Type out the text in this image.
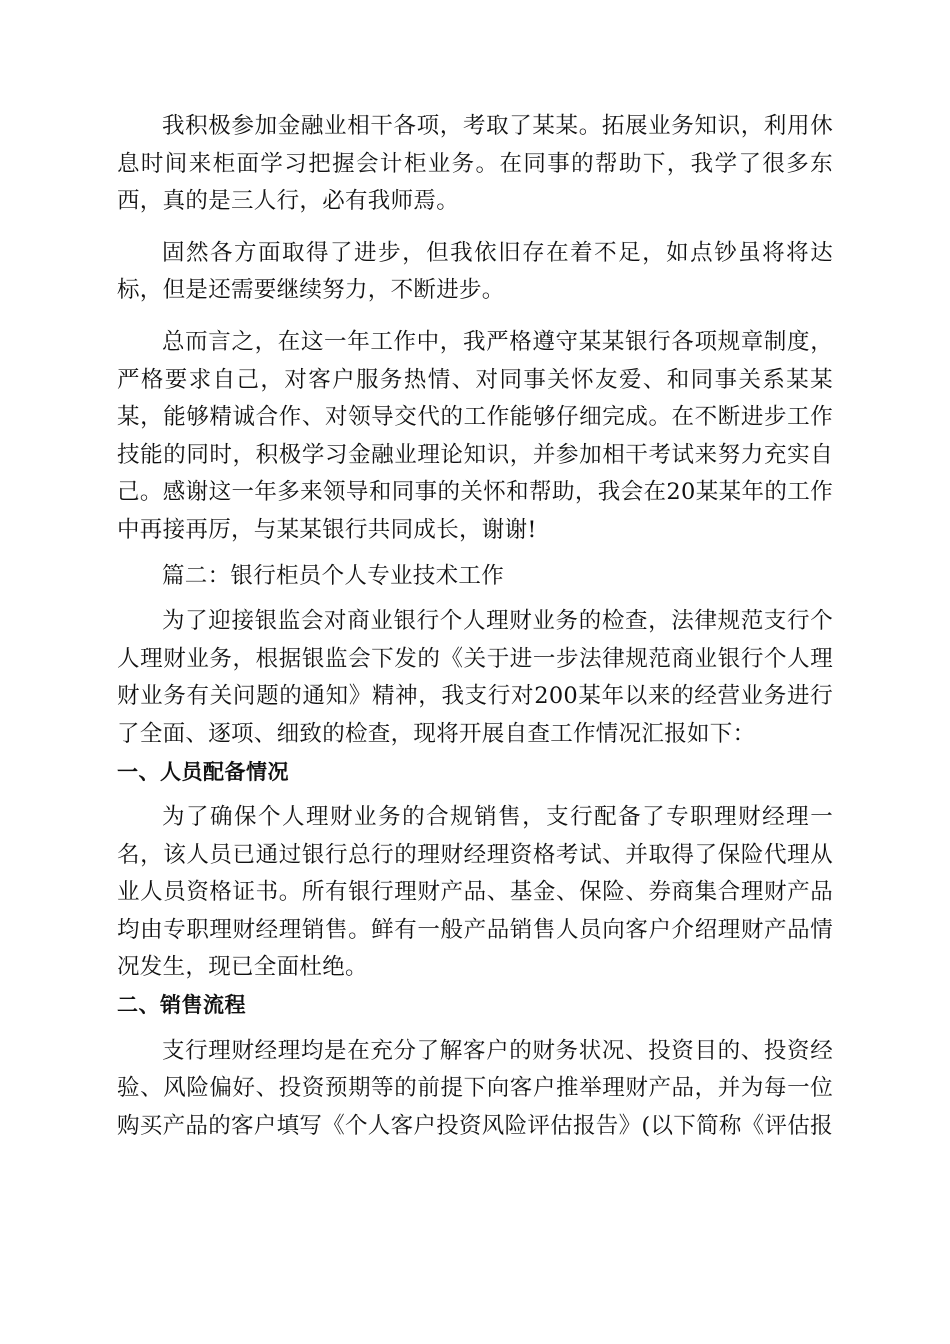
我积极参加金融业相干各项，考取了某某。拓展业务知识，利用休息时间来柜面学习把握会计柜业务。在同事的帮助下，我学了很多东西，真的是三人行，必有我师焉。

固然各方面取得了进步，但我依旧存在着不足，如点钞虽将将达标，但是还需要继续努力，不断进步。

总而言之，在这一年工作中，我严格遵守某某银行各项规章制度，严格要求自己，对客户服务热情、对同事关怀友爱、和同事关系某某某，能够精诚合作、对领导交代的工作能够仔细完成。在不断进步工作技能的同时，积极学习金融业理论知识，并参加相干考试来努力充实自己。感谢这一年多来领导和同事的关怀和帮助，我会在20某某年的工作中再接再厉，与某某银行共同成长，谢谢!

篇二：银行柜员个人专业技术工作

为了迎接银监会对商业银行个人理财业务的检查，法律规范支行个人理财业务，根据银监会下发的《关于进一步法律规范商业银行个人理财业务有关问题的通知》精神，我支行对200某年以来的经营业务进行了全面、逐项、细致的检查，现将开展自查工作情况汇报如下：

一、人员配备情况

为了确保个人理财业务的合规销售，支行配备了专职理财经理一名，该人员已通过银行总行的理财经理资格考试、并取得了保险代理从业人员资格证书。所有银行理财产品、基金、保险、券商集合理财产品均由专职理财经理销售。鲜有一般产品销售人员向客户介绍理财产品情况发生，现已全面杜绝。

二、销售流程

支行理财经理均是在充分了解客户的财务状况、投资目的、投资经验、风险偏好、投资预期等的前提下向客户推举理财产品，并为每一位购买产品的客户填写《个人客户投资风险评估报告》(以下简称《评估报
